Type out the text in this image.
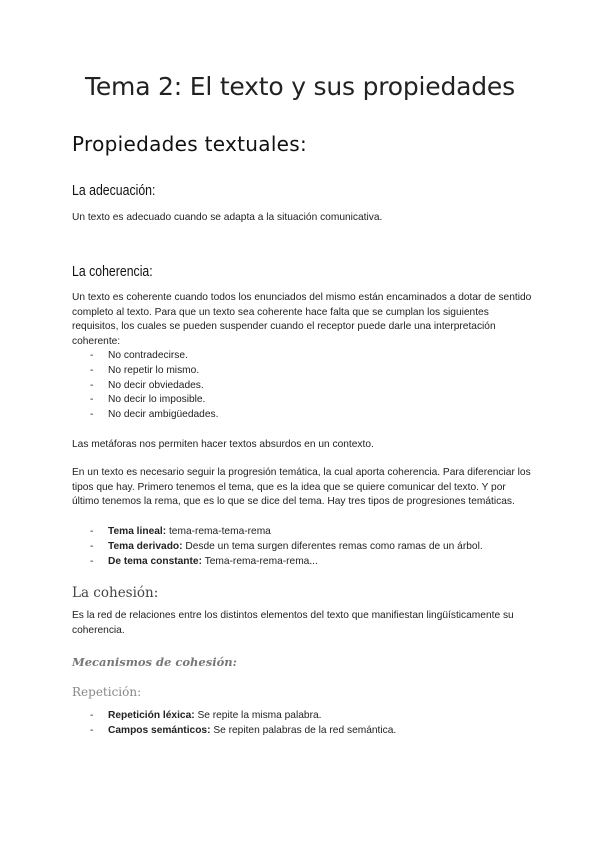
Tema 2: El texto y sus propiedades
Propiedades textuales:
La adecuación:

Un texto es adecuado cuando se adapta a la situación comunicativa.

La coherencia:

Un texto es coherente cuando todos los enunciados del mismo están encaminados a dotar de sentido completo al texto. Para que un texto sea coherente hace falta que se cumplan los siguientes requisitos, los cuales se pueden suspender cuando el receptor puede darle una interpretación coherente:

- No contradecirse.
- No repetir lo mismo.
- No decir obviedades.
- No decir lo imposible.
- No decir ambigüedades.

Las metáforas nos permiten hacer textos absurdos en un contexto.

En un texto es necesario seguir la progresión temática, la cual aporta coherencia. Para diferenciar los tipos que hay. Primero tenemos el tema, que es la idea que se quiere comunicar del texto. Y por último tenemos la rema, que es lo que se dice del tema. Hay tres tipos de progresiones temáticas.

- Tema lineal: tema-rema-tema-rema
- Tema derivado: Desde un tema surgen diferentes remas como ramas de un árbol.
- De tema constante: Tema-rema-rema-rema...
La cohesión:

Es la red de relaciones entre los distintos elementos del texto que manifiestan lingüísticamente su coherencia.

Mecanismos de cohesión:
Repetición:
- Repetición léxica: Se repite la misma palabra.
- Campos semánticos: Se repiten palabras de la red semántica.
